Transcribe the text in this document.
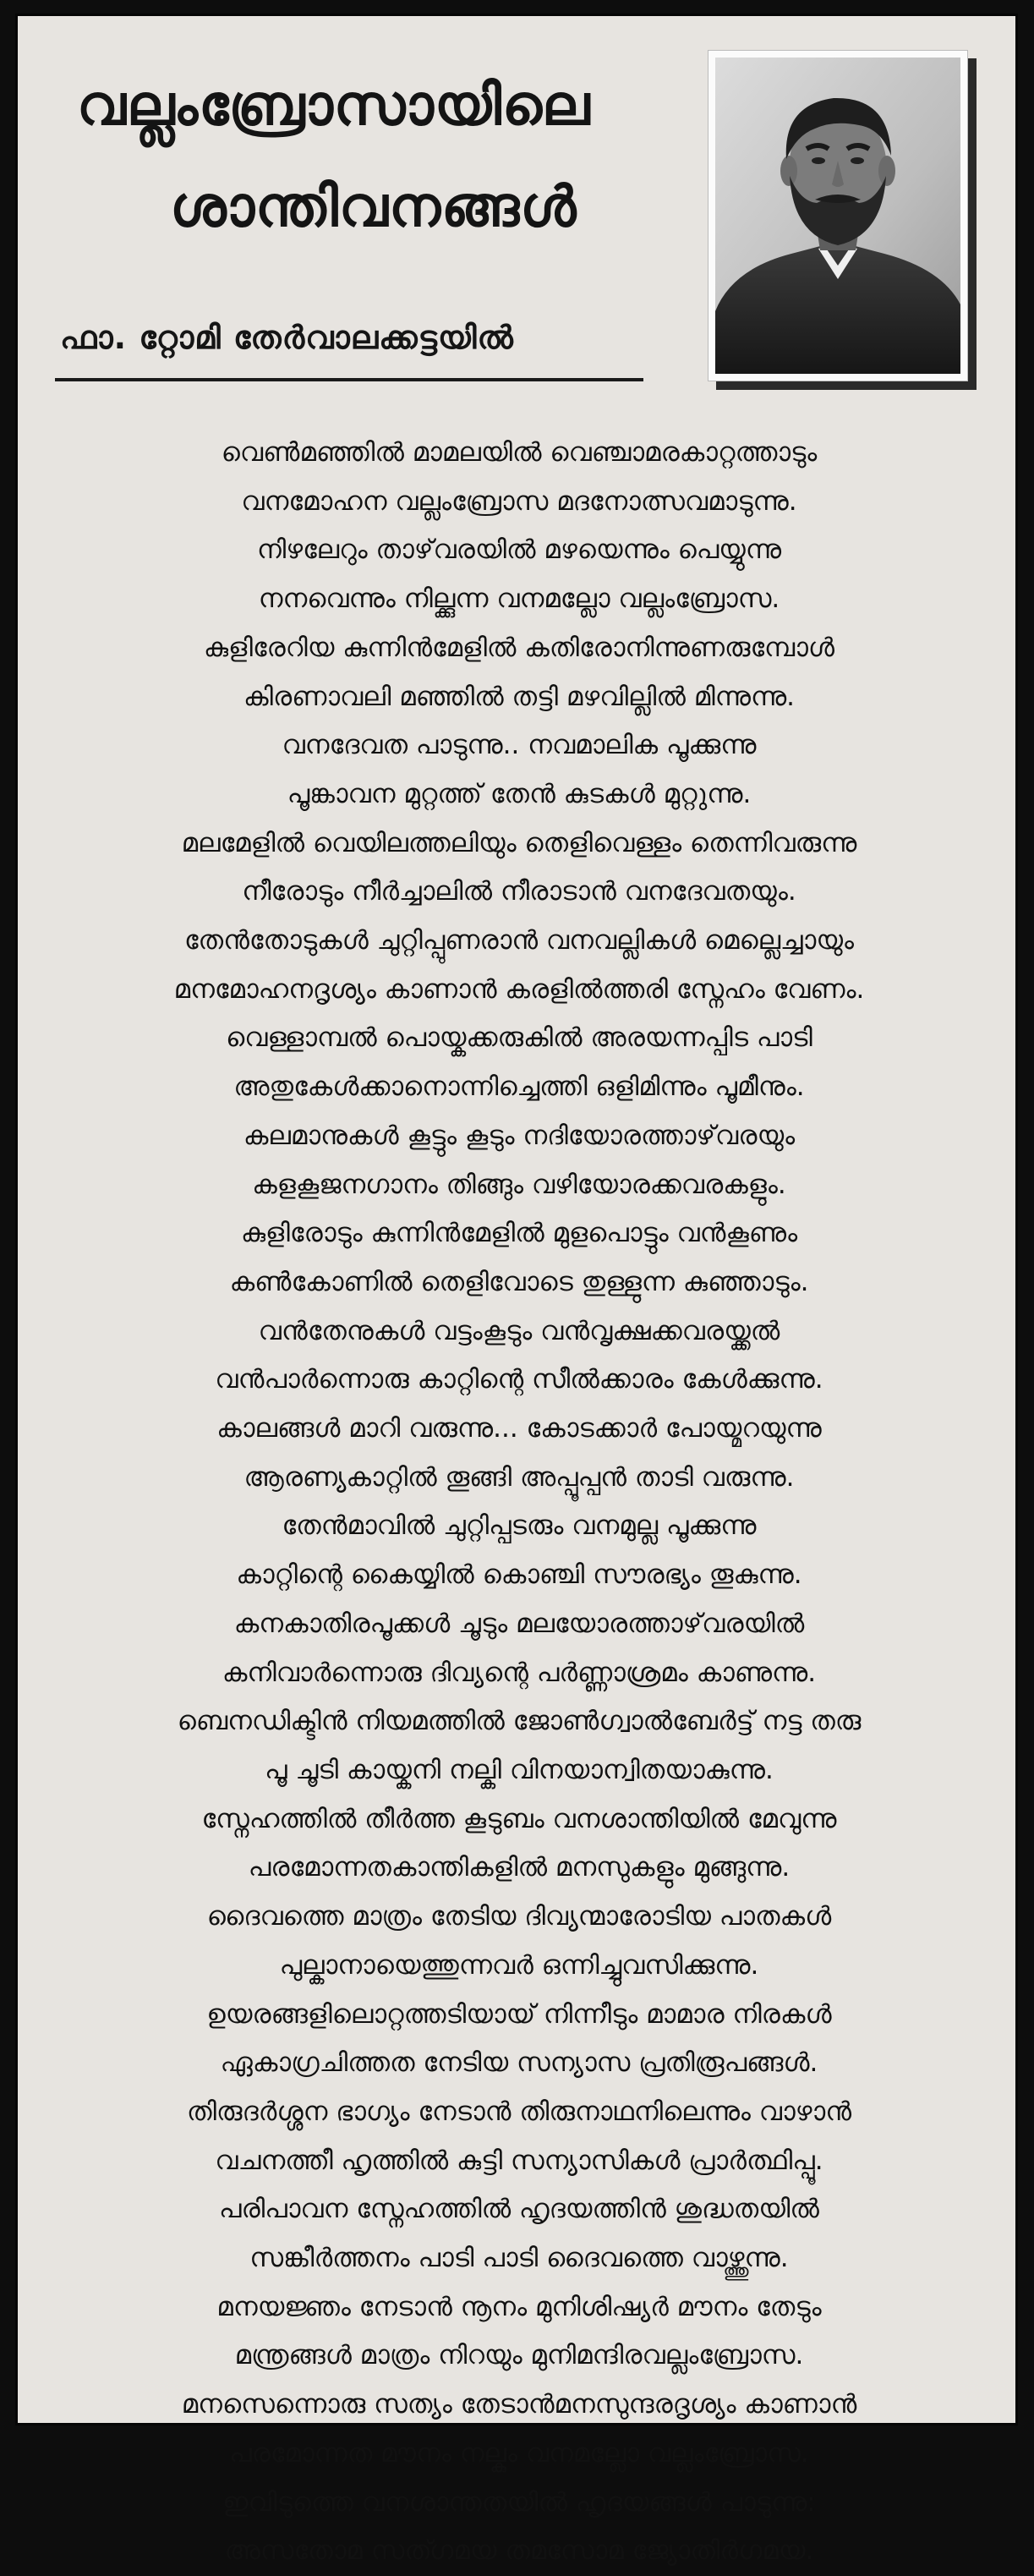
വല്ലംബ്രോസായിലെ
ശാന്തിവനങ്ങൾ
ഫാ. റ്റോമി തേർവാലക്കട്ടയിൽ
വെൺമഞ്ഞിൽ മാമലയിൽ വെഞ്ചാമരകാറ്റത്താടും
വനമോഹന വല്ലംബ്രോസ മദനോത്സവമാടുന്നു.
നിഴലേറും താഴ്‌വരയിൽ മഴയെന്നും പെയ്യുന്നു
നനവെന്നും നില്ക്കുന്ന വനമല്ലോ വല്ലംബ്രോസ.
കുളിരേറിയ കുന്നിൻമേളിൽ കതിരോനിന്നുണരുമ്പോൾ
കിരണാവലി മഞ്ഞിൽ തട്ടി മഴവില്ലിൽ മിന്നുന്നു.
വനദേവത പാടുന്നു.. നവമാലിക പൂക്കുന്നു
പൂങ്കാവന മുറ്റത്ത് തേൻ കുടകൾ മുറ്റുന്നു.
മലമേളിൽ വെയിലത്തലിയും തെളിവെള്ളം തെന്നിവരുന്നു
നീരോടും നീർച്ചാലിൽ നീരാടാൻ വനദേവതയും.
തേൻതോടുകൾ ചുറ്റിപ്പുണരാൻ വനവല്ലികൾ മെല്ലെച്ചായും
മനമോഹനദൃശ്യം കാണാൻ കരളിൽത്തരി സ്നേഹം വേണം.
വെള്ളാമ്പൽ പൊയ്കക്കരുകിൽ അരയന്നപ്പിട പാടി
അതുകേൾക്കാനൊന്നിച്ചെത്തി ഒളിമിന്നും പൂമീനും.
കലമാനുകൾ കൂട്ടും കൂടും നദിയോരത്താഴ്‌വരയും
കളകൂജനഗാനം തിങ്ങും വഴിയോരക്കവരകളും.
കുളിരോടും കുന്നിൻമേളിൽ മുളപൊട്ടും വൻകൂണും
കൺകോണിൽ തെളിവോടെ തുള്ളുന്ന കുഞ്ഞാടും.
വൻതേനുകൾ വട്ടംകൂടും വൻവൃക്ഷക്കവരയ്ക്കൽ
വൻപാർന്നൊരു കാറ്റിന്റെ സീൽക്കാരം കേൾക്കുന്നു.
കാലങ്ങൾ മാറി വരുന്നു... കോടക്കാർ പോയ്മറയുന്നു
ആരണ്യകാറ്റിൽ തൂങ്ങി അപ്പൂപ്പൻ താടി വരുന്നു.
തേൻമാവിൽ ചുറ്റിപ്പടരും വനമുല്ല പൂക്കുന്നു
കാറ്റിന്റെ കൈയ്യിൽ കൊഞ്ചി സൗരഭ്യം തൂകുന്നു.
കനകാതിരപൂക്കൾ ചൂടും മലയോരത്താഴ്‌വരയിൽ
കനിവാർന്നൊരു ദിവ്യന്റെ പർണ്ണാശ്രമം കാണുന്നു.
ബെനഡിക്ടിൻ നിയമത്തിൽ ജോൺഗ്വാൽബേർട്ട് നട്ട തരു
പൂ ചൂടി കായ്കനി നല്കി വിനയാന്വിതയാകുന്നു.
സ്നേഹത്തിൽ തീർത്ത കൂടുബം വനശാന്തിയിൽ മേവുന്നു
പരമോന്നതകാന്തികളിൽ മനസുകളും മുങ്ങുന്നു.
ദൈവത്തെ മാത്രം തേടിയ ദിവ്യന്മാരോടിയ പാതകൾ
പുല്കാനായെത്തുന്നവർ ഒന്നിച്ചുവസിക്കുന്നു.
ഉയരങ്ങളിലൊറ്റത്തടിയായ് നിന്നീടും മാമാര നിരകൾ
ഏകാഗ്രചിത്തത നേടിയ സന്യാസ പ്രതിരൂപങ്ങൾ.
തിരുദർശ്ശന ഭാഗ്യം നേടാൻ തിരുനാഥനിലെന്നും വാഴാൻ
വചനത്തീ ഹൃത്തിൽ കുട്ടി സന്യാസികൾ പ്രാർത്ഥിപ്പൂ.
പരിപാവന സ്നേഹത്തിൽ ഹൃദയത്തിൻ ശുദ്ധതയിൽ
സങ്കീർത്തനം പാടി പാടി ദൈവത്തെ വാഴ്ത്തുന്നു.
മനയജ്ഞം നേടാൻ നൂനം മുനിശിഷ്യർ മൗനം തേടും
മന്ത്രങ്ങൾ മാത്രം നിറയും മുനിമന്ദിരവല്ലംബ്രോസ.
മനസെന്നൊരു സത്യം തേടാൻമനസുന്ദരദൃശ്യം കാണാൻ
പരമോന്നത മൗനം നല്കും വനമല്ലോ വല്ലംബ്രോസ.
ഇവിടുത്തെ വനശാന്തതയിൽ ഹൃദയങ്ങൾ പാടുന്നു:
അസതോമ സത്ഗമയ തമസോമ ജ്യോതിർഗമയ.
